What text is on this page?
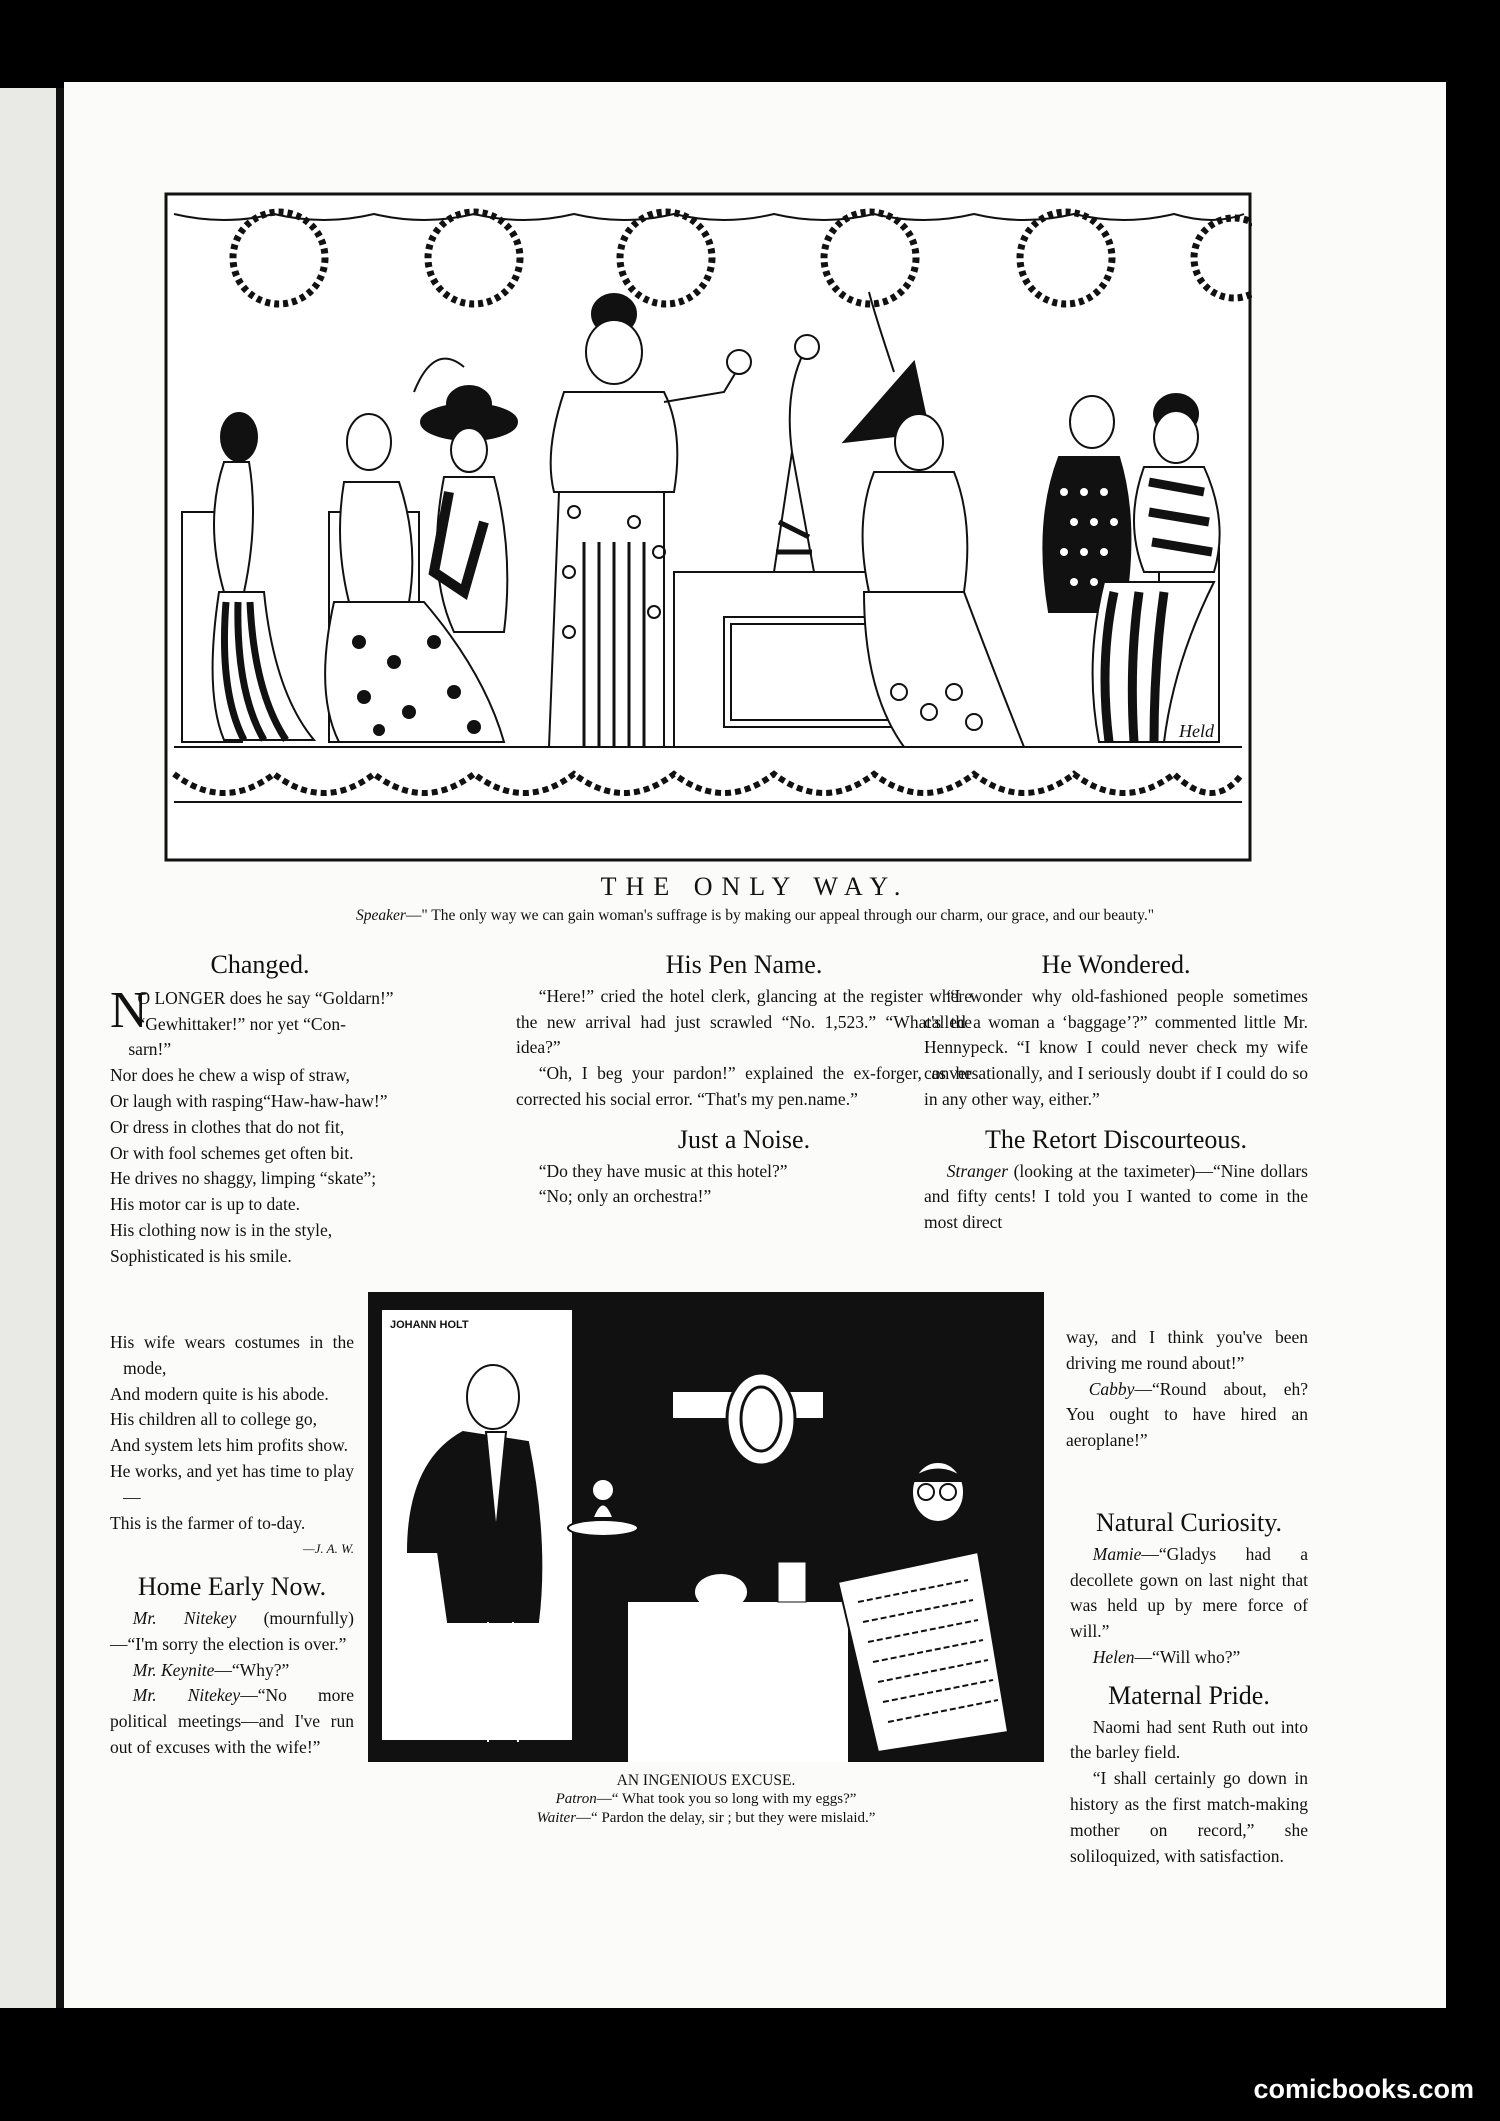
Held
THE ONLY WAY.
Speaker—" The only way we can gain woman's suffrage is by making our appeal through our charm, our grace, and our beauty."
Changed.
N

O LONGER does he say “Goldarn!”

“Gewhittaker!” nor yet “Con-

sarn!”

Nor does he chew a wisp of straw,

Or laugh with rasping“Haw-haw-haw!”

Or dress in clothes that do not fit,

Or with fool schemes get often bit.

He drives no shaggy, limping “skate”;

His motor car is up to date.

His clothing now is in the style,

Sophisticated is his smile.

His wife wears costumes in the mode,

And modern quite is his abode.

His children all to college go,

And system lets him profits show.

He works, and yet has time to play—

This is the farmer of to-day.

—J. A. W.
Home Early Now.

Mr. Nitekey (mournfully) —“I'm sorry the election is over.”

Mr. Keynite—“Why?”

Mr. Nitekey—“No more political meetings—and I've run out of excuses with the wife!”

His Pen Name.

“Here!” cried the hotel clerk, glancing at the register where the new arrival had just scrawled “No. 1,523.” “What's the idea?”

“Oh, I beg your pardon!” explained the ex-forger, as he corrected his social error. “That's my pen.name.”

Just a Noise.

“Do they have music at this hotel?”

“No; only an orchestra!”

He Wondered.

“I wonder why old-fashioned people sometimes called a woman a ‘baggage’?” commented little Mr. Hennypeck. “I know I could never check my wife conversationally, and I seriously doubt if I could do so in any other way, either.”

The Retort Discourteous.

Stranger (looking at the taximeter)—“Nine dollars and fifty cents! I told you I wanted to come in the most direct

way, and I think you've been driving me round about!”

Cabby—“Round about, eh? You ought to have hired an aeroplane!”

Natural Curiosity.

Mamie—“Gladys had a decollete gown on last night that was held up by mere force of will.”

Helen—“Will who?”

Maternal Pride.

Naomi had sent Ruth out into the barley field.

“I shall certainly go down in history as the first match-making mother on record,” she soliloquized, with satisfaction.

JOHANN HOLT
AN INGENIOUS EXCUSE.
Patron—“ What took you so long with my eggs?”
Waiter—“ Pardon the delay, sir ; but they were mislaid.”
comicbooks.com
